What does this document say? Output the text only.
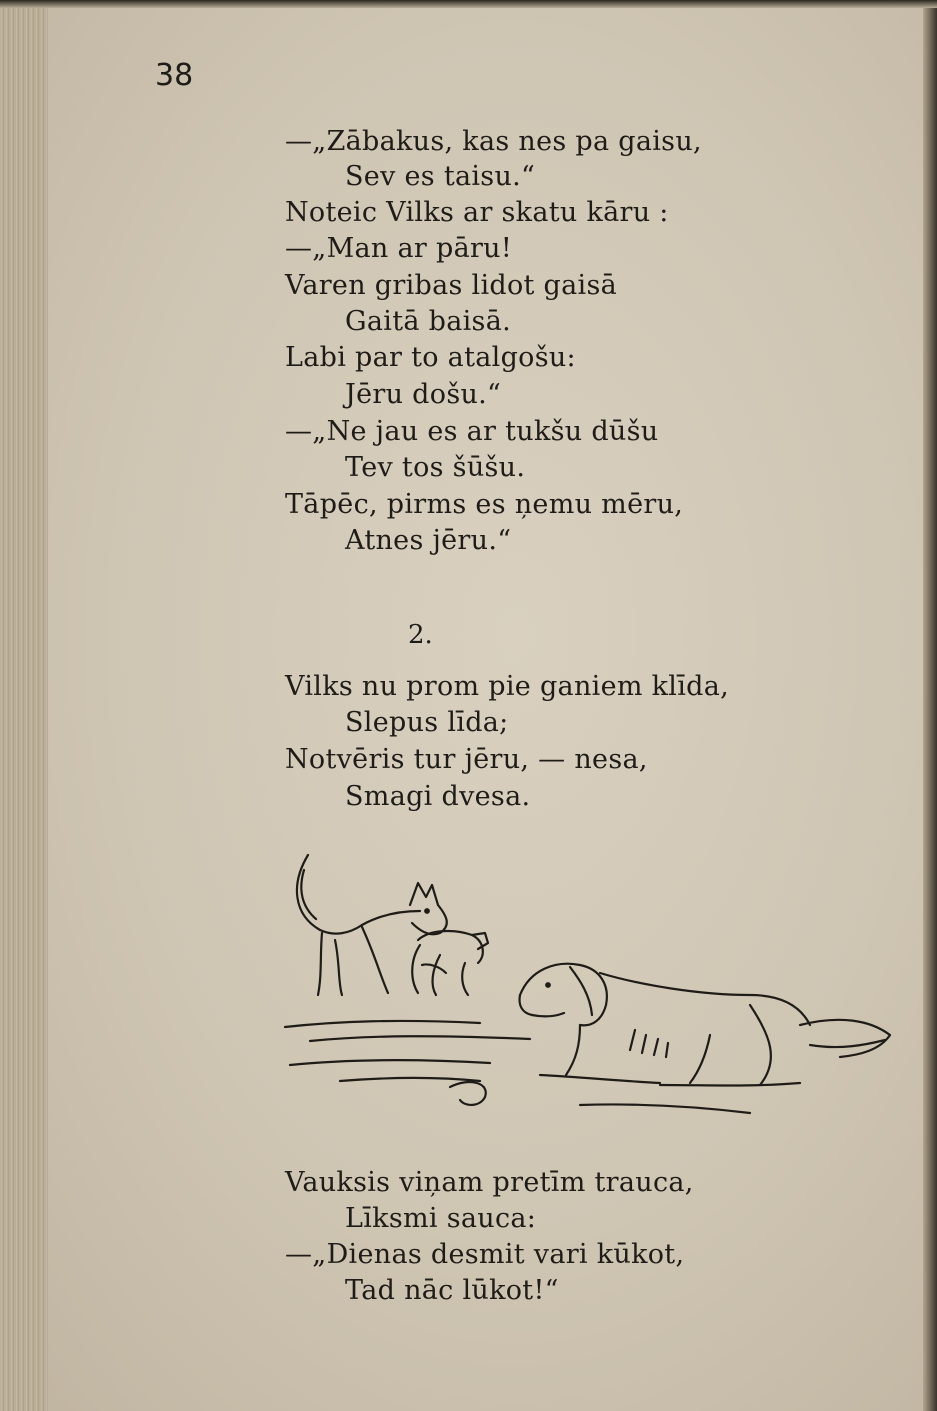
38
—„Zābakus, kas nes pa gaisu,
Sev es taisu.“
Noteic Vilks ar skatu kāru :
—„Man ar pāru!
Varen gribas lidot gaisā
Gaitā baisā.
Labi par to atalgošu:
Jēru došu.“
—„Ne jau es ar tukšu dūšu
Tev tos šūšu.
Tāpēc, pirms es ņemu mēru,
Atnes jēru.“
2.
Vilks nu prom pie ganiem klīda,
Slepus līda;
Notvēris tur jēru, — nesa,
Smagi dvesa.
Vauksis viņam pretīm trauca,
Līksmi sauca:
—„Dienas desmit vari kūkot,
Tad nāc lūkot!“
